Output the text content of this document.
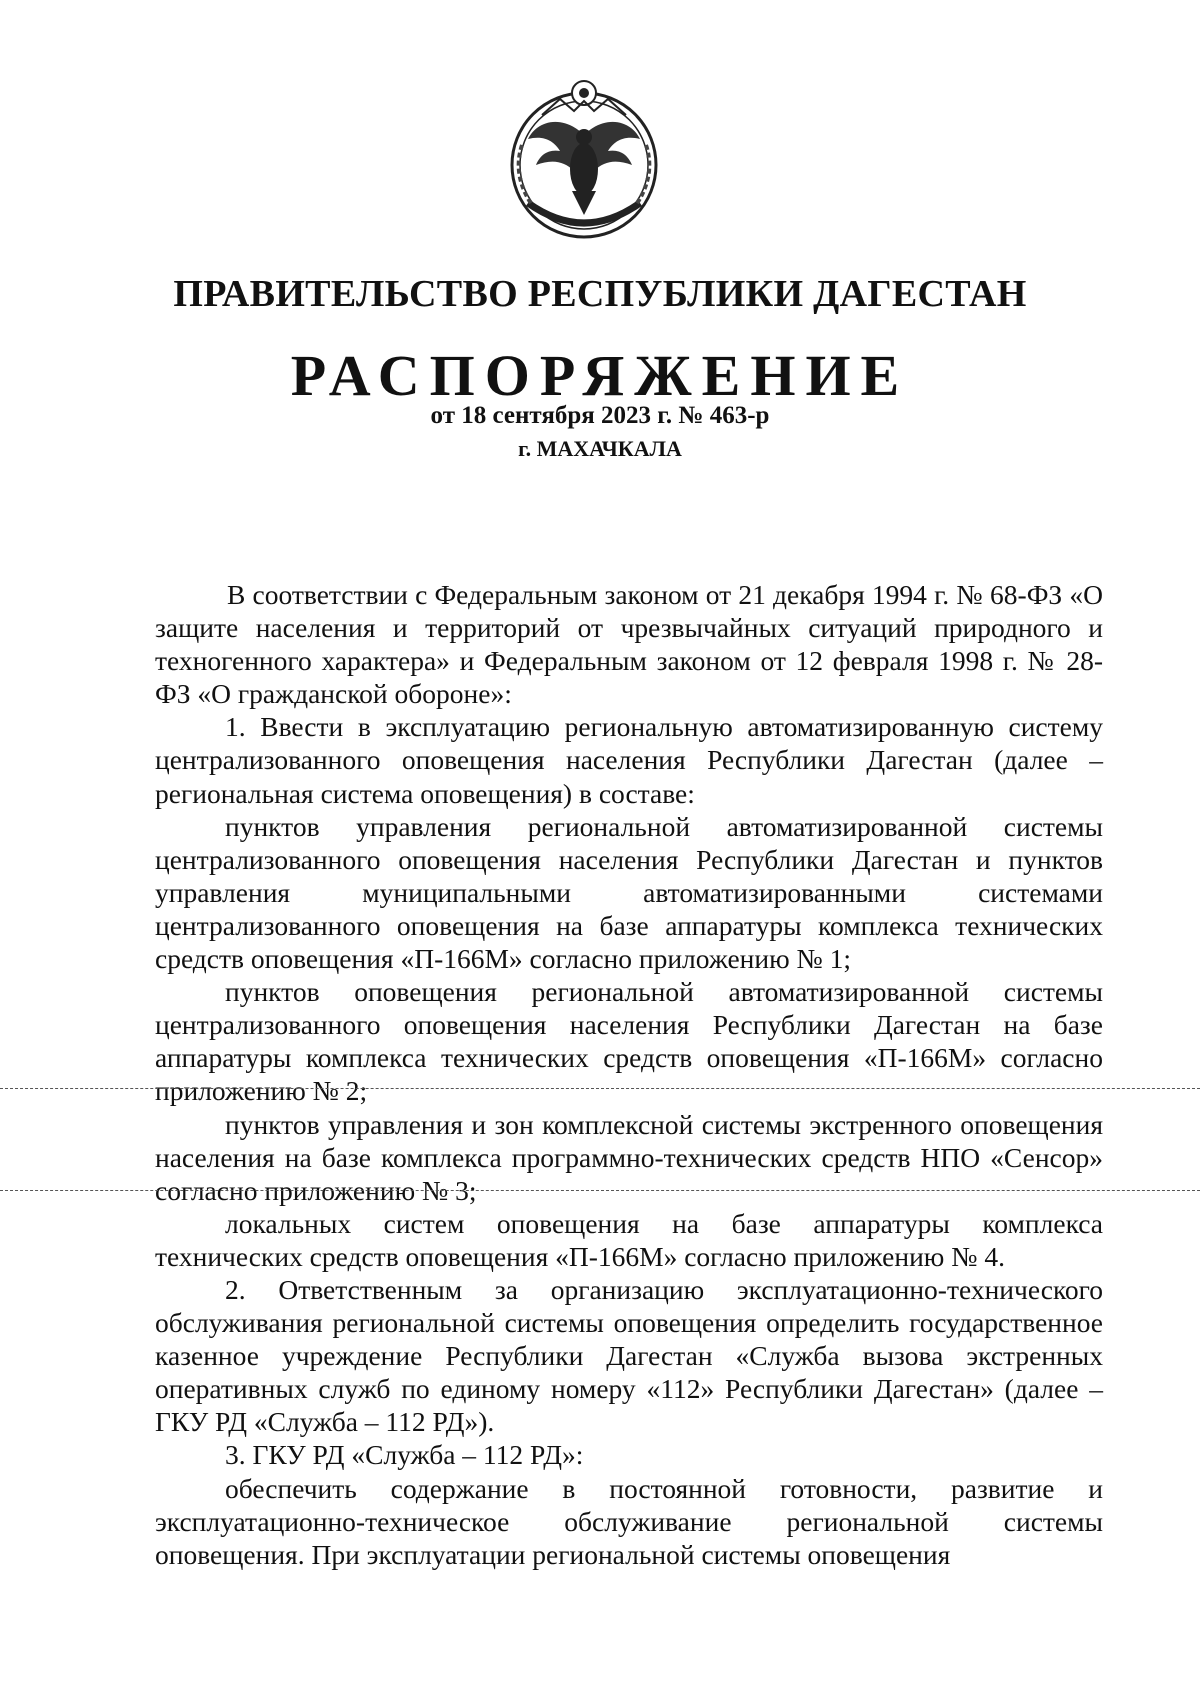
ПРАВИТЕЛЬСТВО РЕСПУБЛИКИ ДАГЕСТАН
РАСПОРЯЖЕНИЕ
от 18 сентября 2023 г. № 463-р
г. МАХАЧКАЛА

В соответствии с Федеральным законом от 21 декабря 1994 г. № 68-ФЗ «О защите населения и территорий от чрезвычайных ситуаций природного и техногенного характера» и Федеральным законом от 12 февраля 1998 г. № 28-ФЗ «О гражданской обороне»:

1. Ввести в эксплуатацию региональную автоматизированную систему централизованного оповещения населения Республики Дагестан (далее – региональная система оповещения) в составе:

пунктов управления региональной автоматизированной системы централизованного оповещения населения Республики Дагестан и пунктов управления муниципальными автоматизированными системами централизованного оповещения на базе аппаратуры комплекса технических средств оповещения «П-166М» согласно приложению № 1;

пунктов оповещения региональной автоматизированной системы централизованного оповещения населения Республики Дагестан на базе аппаратуры комплекса технических средств оповещения «П-166М» согласно приложению № 2;

пунктов управления и зон комплексной системы экстренного оповещения населения на базе комплекса программно-технических средств НПО «Сенсор» согласно приложению № 3;

локальных систем оповещения на базе аппаратуры комплекса технических средств оповещения «П-166М» согласно приложению № 4.

2. Ответственным за организацию эксплуатационно-технического обслуживания региональной системы оповещения определить государственное казенное учреждение Республики Дагестан «Служба вызова экстренных оперативных служб по единому номеру «112» Республики Дагестан» (далее – ГКУ РД «Служба – 112 РД»).

3. ГКУ РД «Служба – 112 РД»:

обеспечить содержание в постоянной готовности, развитие и эксплуатационно-техническое обслуживание региональной системы оповещения. При эксплуатации региональной системы оповещения
